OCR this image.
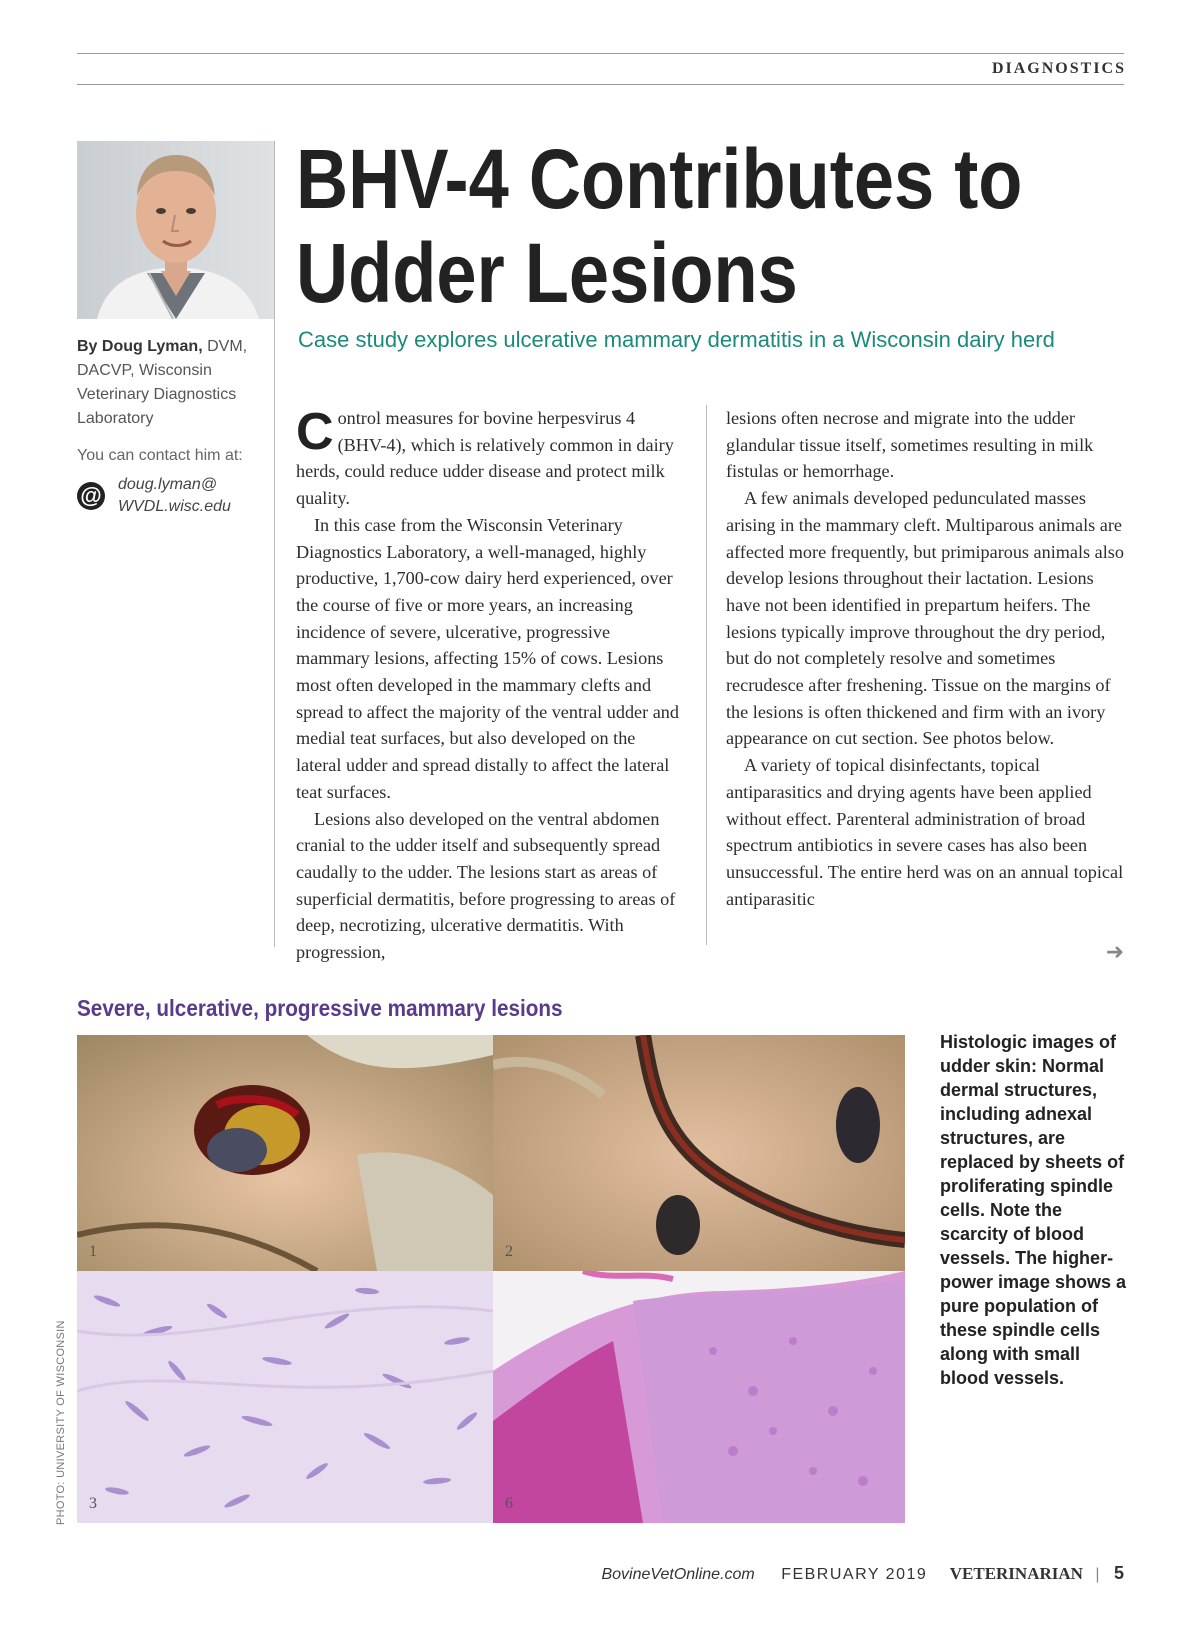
DIAGNOSTICS
By Doug Lyman, DVM, DACVP, Wisconsin Veterinary Diagnostics Laboratory
You can contact him at:
@ doug.lyman@
WVDL.wisc.edu
BHV-4 Contributes to
Udder Lesions
Case study explores ulcerative mammary dermatitis in a Wisconsin dairy herd

Control measures for bovine herpesvirus 4 (BHV-4), which is relatively common in dairy herds, could reduce udder disease and protect milk quality.

In this case from the Wisconsin Veterinary Diagnostics Laboratory, a well-managed, highly productive, 1,700-cow dairy herd experienced, over the course of five or more years, an increasing incidence of severe, ulcerative, progressive mammary lesions, affecting 15% of cows. Lesions most often developed in the mammary clefts and spread to affect the majority of the ventral udder and medial teat surfaces, but also developed on the lateral udder and spread distally to affect the lateral teat surfaces.

Lesions also developed on the ventral abdomen cranial to the udder itself and subsequently spread caudally to the udder. The lesions start as areas of superficial dermatitis, before progressing to areas of deep, necrotizing, ulcerative dermatitis. With progression,

lesions often necrose and migrate into the udder glandular tissue itself, sometimes resulting in milk fistulas or hemorrhage.

A few animals developed pedunculated masses arising in the mammary cleft. Multiparous animals are affected more frequently, but primiparous animals also develop lesions throughout their lactation. Lesions have not been identified in prepartum heifers. The lesions typically improve throughout the dry period, but do not completely resolve and sometimes recrudesce after freshening. Tissue on the margins of the lesions is often thickened and firm with an ivory appearance on cut section. See photos below.

A variety of topical disinfectants, topical antiparasitics and drying agents have been applied without effect. Parenteral administration of broad spectrum antibiotics in severe cases has also been unsuccessful. The entire herd was on an annual topical antiparasitic

➜
Severe, ulcerative, progressive mammary lesions
1	2
3	6
Histologic images of udder skin: Normal dermal structures, including adnexal structures, are replaced by sheets of proliferating spindle cells. Note the scarcity of blood vessels. The higher-power image shows a pure population of these spindle cells along with small blood vessels.
PHOTO: UNIVERSITY OF WISCONSIN
BovineVetOnline.com FEBRUARY 2019 VETERINARIAN | 5
